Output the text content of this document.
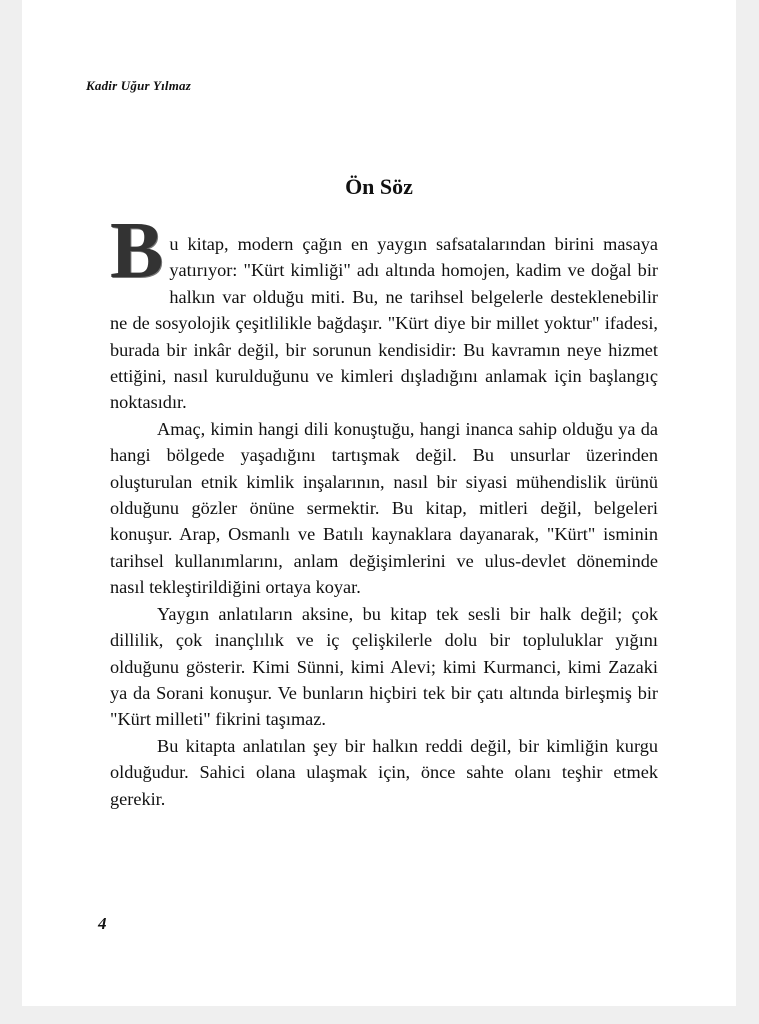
Kadir Uğur Yılmaz
Ön Söz

Bu kitap, modern çağın en yaygın safsatalarından birini masaya yatırıyor: "Kürt kimliği" adı altında homojen, kadim ve doğal bir halkın var olduğu miti. Bu, ne tarihsel belgelerle desteklenebilir ne de sosyolojik çeşitlilikle bağdaşır. "Kürt diye bir millet yoktur" ifadesi, burada bir inkâr değil, bir sorunun kendisidir: Bu kavramın neye hizmet ettiğini, nasıl kurulduğunu ve kimleri dışladığını anlamak için başlangıç noktasıdır.

Amaç, kimin hangi dili konuştuğu, hangi inanca sahip olduğu ya da hangi bölgede yaşadığını tartışmak değil. Bu unsurlar üzerinden oluşturulan etnik kimlik inşalarının, nasıl bir siyasi mühendislik ürünü olduğunu gözler önüne sermektir. Bu kitap, mitleri değil, belgeleri konuşur. Arap, Osmanlı ve Batılı kaynaklara dayanarak, "Kürt" isminin tarihsel kullanımlarını, anlam değişimlerini ve ulus-devlet döneminde nasıl tekleştirildiğini ortaya koyar.

Yaygın anlatıların aksine, bu kitap tek sesli bir halk değil; çok dillilik, çok inançlılık ve iç çelişkilerle dolu bir topluluklar yığını olduğunu gösterir. Kimi Sünni, kimi Alevi; kimi Kurmanci, kimi Zazaki ya da Sorani konuşur. Ve bunların hiçbiri tek bir çatı altında birleşmiş bir "Kürt milleti" fikrini taşımaz.

Bu kitapta anlatılan şey bir halkın reddi değil, bir kimliğin kurgu olduğudur. Sahici olana ulaşmak için, önce sahte olanı teşhir etmek gerekir.

4
